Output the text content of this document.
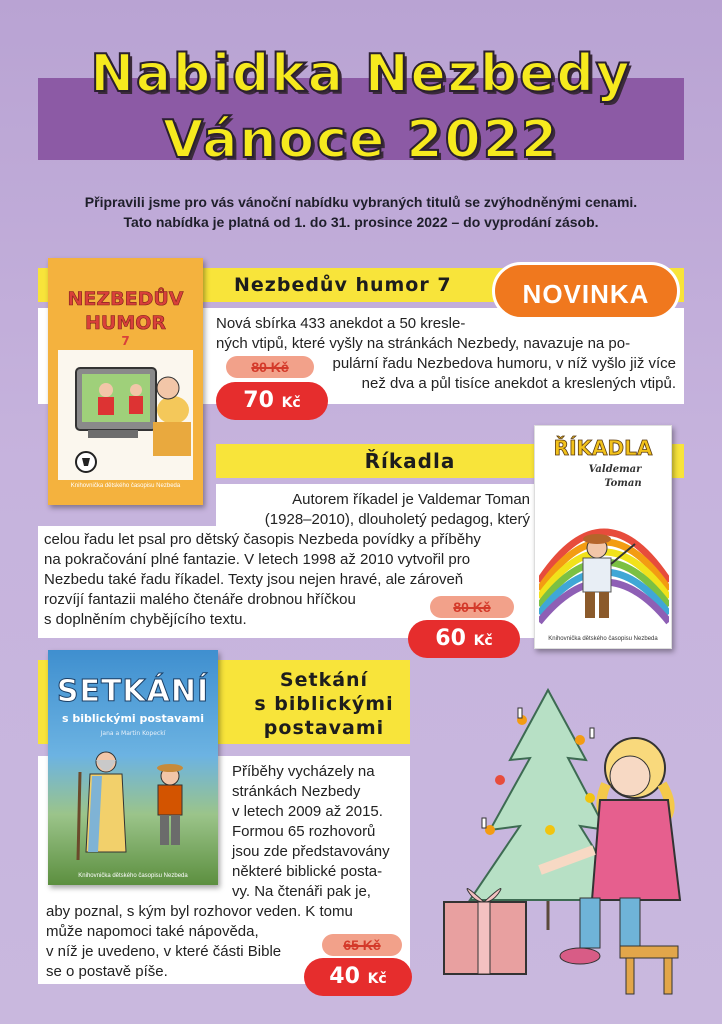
Nabidka Nezbedy
Vánoce 2022
Připravili jsme pro vás vánoční nabídku vybraných titulů se zvýhodněnými cenami.
Tato nabídka je platná od 1. do 31. prosince 2022 – do vyprodání zásob.
Nezbedův humor 7
NEZBEDŮV
HUMOR
7
Knihovnička dětského časopisu Nezbeda
NOVINKA
Nová sbírka 433 anekdot a 50 kresle-
ných vtipů, které vyšly na stránkách Nezbedy, navazuje na po-
pulární řadu Nezbedova humoru, v níž vyšlo již více
než dva a půl tisíce anekdot a kreslených vtipů.
80 Kč
70 Kč
Říkadla
ŘÍKADLA
Valdemar
Toman
Knihovnička dětského časopisu Nezbeda
Autorem říkadel je Valdemar Toman
(1928–2010), dlouholetý pedagog, který
celou řadu let psal pro dětský časopis Nezbeda povídky a příběhy
na pokračování plné fantazie. V letech 1998 až 2010 vytvořil pro
Nezbedu také řadu říkadel. Texty jsou nejen hravé, ale zároveň
rozvíjí fantazii malého čtenáře drobnou hříčkou
s doplněním chybějícího textu.
80 Kč
60 Kč
Setkání
s biblickými
postavami
SETKÁNÍ
s biblickými postavami
Jana a Martin Kopeckí
Knihovnička dětského časopisu Nezbeda
Příběhy vycházely na
stránkách Nezbedy
v letech 2009 až 2015.
Formou 65 rozhovorů
jsou zde představovány
některé biblické posta-
vy. Na čtenáři pak je,
aby poznal, s kým byl rozhovor veden. K tomu
může napomoci také nápověda,
v níž je uvedeno, v které části Bible
se o postavě píše.
65 Kč
40 Kč
